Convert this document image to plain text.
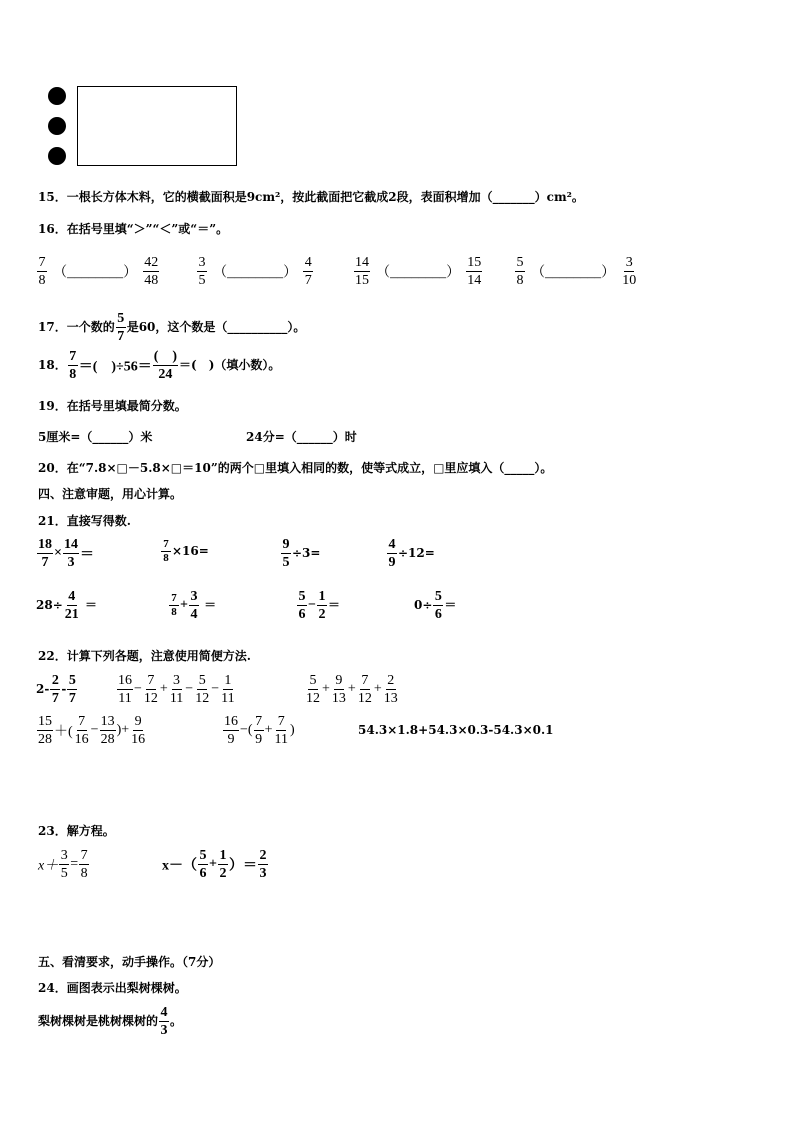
15．一根长方体木料，它的横截面积是9cm²，按此截面把它截成2段，表面积增加（_______）cm²。
16．在括号里填“＞”“＜”或“＝”。
$\frac{7}{8}$ （________） $\frac{42}{48}$	$\frac{3}{5}$ （________） $\frac{4}{7}$	$\frac{14}{15}$ （________） $\frac{15}{14} \frac{5}{8}$ （________） $\frac{3}{10}$
17．一个数的 $\frac{5}{7}$ 是60，这个数是（__________）。
18． $\frac{7}{8}$ ＝(　)$\div 56= \frac{( )}{24}$ ＝(　)（填小数）。
19．在括号里填最简分数。
5厘米=（______）米	24分=（______）时
20．在“7.8×□－5.8×□＝10”的两个□里填入相同的数，使等式成立，□里应填入（_____）。
四、注意审题，用心计算。
21．直接写得数.
$\frac{18}{7} \times \frac{14}{3}$ ＝	$\frac{7}{8} \times 16=$	$\frac{9}{5} \div 3=$	$\frac{4}{9} \div 12=$
$28\div \frac{4}{21}$ ＝	$\frac{7}{8} + \frac{3}{4}$ ＝	$\frac{5}{6} - \frac{1}{2}$ ＝	$0\div \frac{5}{6}$ ＝
22．计算下列各题，注意使用简便方法.
$2- \frac{2}{7} - \frac{5}{7}$	$\frac{16}{11} - \frac{7}{12} + \frac{3}{11} - \frac{5}{12} - \frac{1}{11}$	$\frac{5}{12} + \frac{9}{13} + \frac{7}{12} + \frac{2}{13}$
$\frac{15}{28}$ ＋( $\frac{7}{16} - \frac{13}{28}$ )+ $\frac{9}{16}$	$\frac{16}{9}$ −( $\frac{7}{9} + \frac{7}{11}$ )	54.3×1.8+54.3×0.3-54.3×0.1
23．解方程。
$x+ \frac{3}{5} = \frac{7}{8}$	$x-( \frac{5}{6} + \frac{1}{2}$ ）＝ $\frac{2}{3}$
五、看清要求，动手操作。（7分）
24．画图表示出梨树棵树。
梨树棵树是桃树棵树的 $\frac{4}{3}$ 。
